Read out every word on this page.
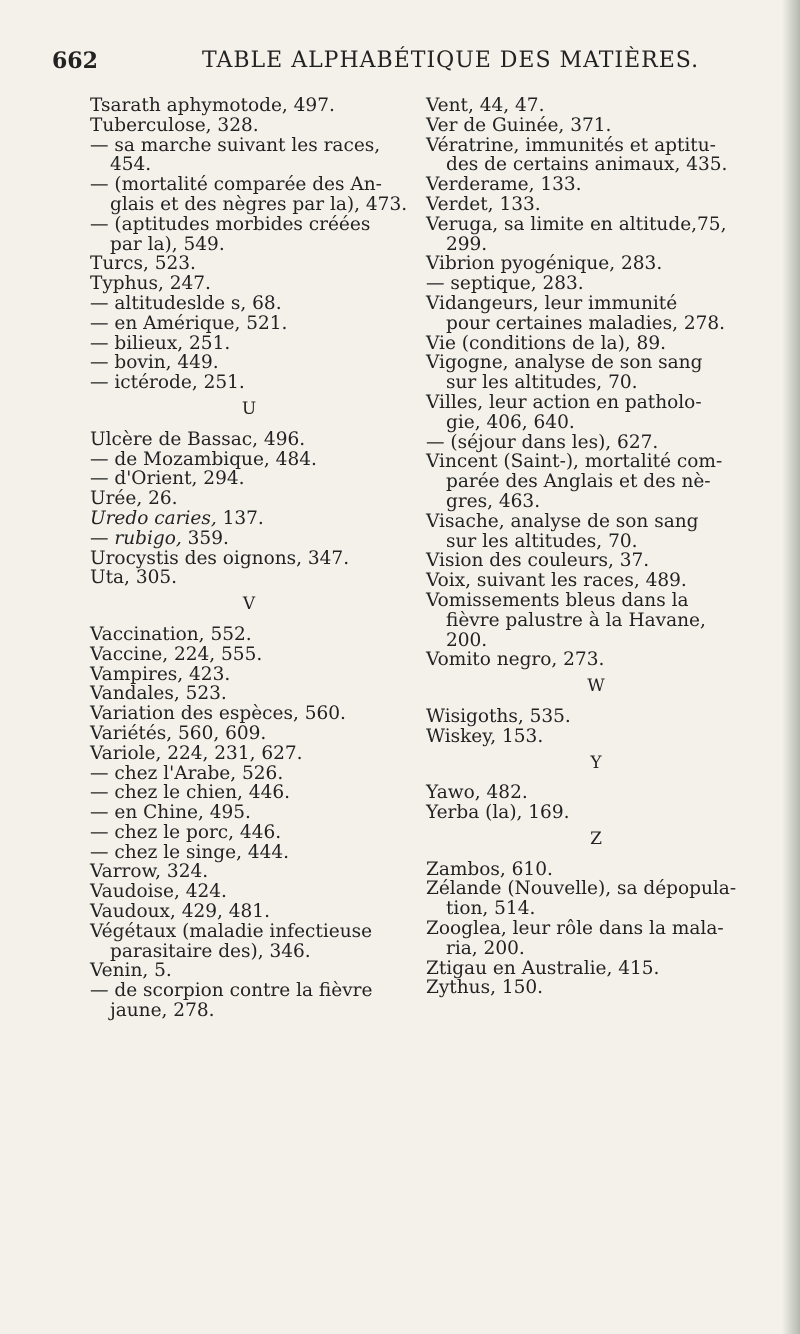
662	TABLE ALPHABÉTIQUE DES MATIÈRES.
Tsarath aphymotode, 497.
Tuberculose, 328.
— sa marche suivant les races,
454.
— (mortalité comparée des An-
glais et des nègres par la), 473.
— (aptitudes morbides créées
par la), 549.
Turcs, 523.
Typhus, 247.
— altitudeslde s, 68.
— en Amérique, 521.
— bilieux, 251.
— bovin, 449.
— ictérode, 251.
U
Ulcère de Bassac, 496.
— de Mozambique, 484.
— d'Orient, 294.
Urée, 26.
Uredo caries, 137.
— rubigo, 359.
Urocystis des oignons, 347.
Uta, 305.
V
Vaccination, 552.
Vaccine, 224, 555.
Vampires, 423.
Vandales, 523.
Variation des espèces, 560.
Variétés, 560, 609.
Variole, 224, 231, 627.
— chez l'Arabe, 526.
— chez le chien, 446.
— en Chine, 495.
— chez le porc, 446.
— chez le singe, 444.
Varrow, 324.
Vaudoise, 424.
Vaudoux, 429, 481.
Végétaux (maladie infectieuse
parasitaire des), 346.
Venin, 5.
— de scorpion contre la fièvre
jaune, 278.
Vent, 44, 47.
Ver de Guinée, 371.
Vératrine, immunités et aptitu-
des de certains animaux, 435.
Verderame, 133.
Verdet, 133.
Veruga, sa limite en altitude,75,
299.
Vibrion pyogénique, 283.
— septique, 283.
Vidangeurs, leur immunité
pour certaines maladies, 278.
Vie (conditions de la), 89.
Vigogne, analyse de son sang
sur les altitudes, 70.
Villes, leur action en patholo-
gie, 406, 640.
— (séjour dans les), 627.
Vincent (Saint-), mortalité com-
parée des Anglais et des nè-
gres, 463.
Visache, analyse de son sang
sur les altitudes, 70.
Vision des couleurs, 37.
Voix, suivant les races, 489.
Vomissements bleus dans la
fièvre palustre à la Havane,
200.
Vomito negro, 273.
W
Wisigoths, 535.
Wiskey, 153.
Y
Yawo, 482.
Yerba (la), 169.
Z
Zambos, 610.
Zélande (Nouvelle), sa dépopula-
tion, 514.
Zooglea, leur rôle dans la mala-
ria, 200.
Ztigau en Australie, 415.
Zythus, 150.
